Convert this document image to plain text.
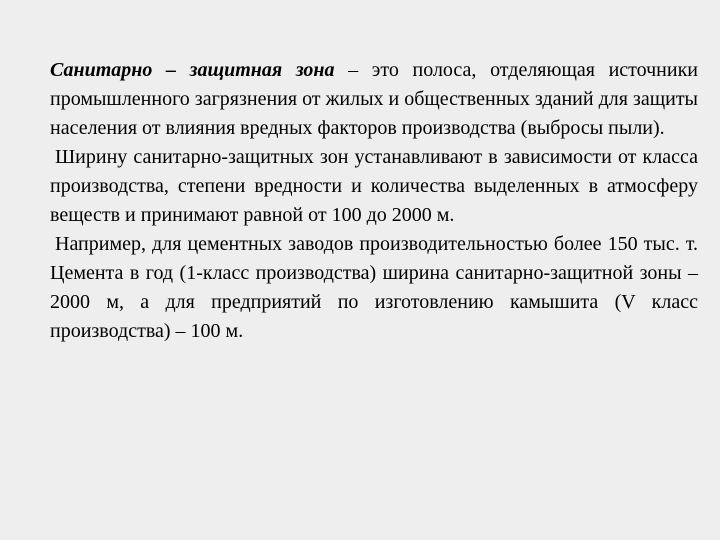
Санитарно – защитная зона – это полоса, отделяющая источники промышленного загрязнения от жилых и общественных зданий для защиты населения от влияния вредных факторов производства (выбросы пыли).

Ширину санитарно-защитных зон устанавливают в зависимости от класса производства, степени вредности и количества выделенных в атмосферу веществ и принимают равной от 100 до 2000 м.

Например, для цементных заводов производительностью более 150 тыс. т. Цемента в год (1-класс производства) ширина санитарно-защитной зоны – 2000 м, а для предприятий по изготовлению камышита (V класс производства) – 100 м.
